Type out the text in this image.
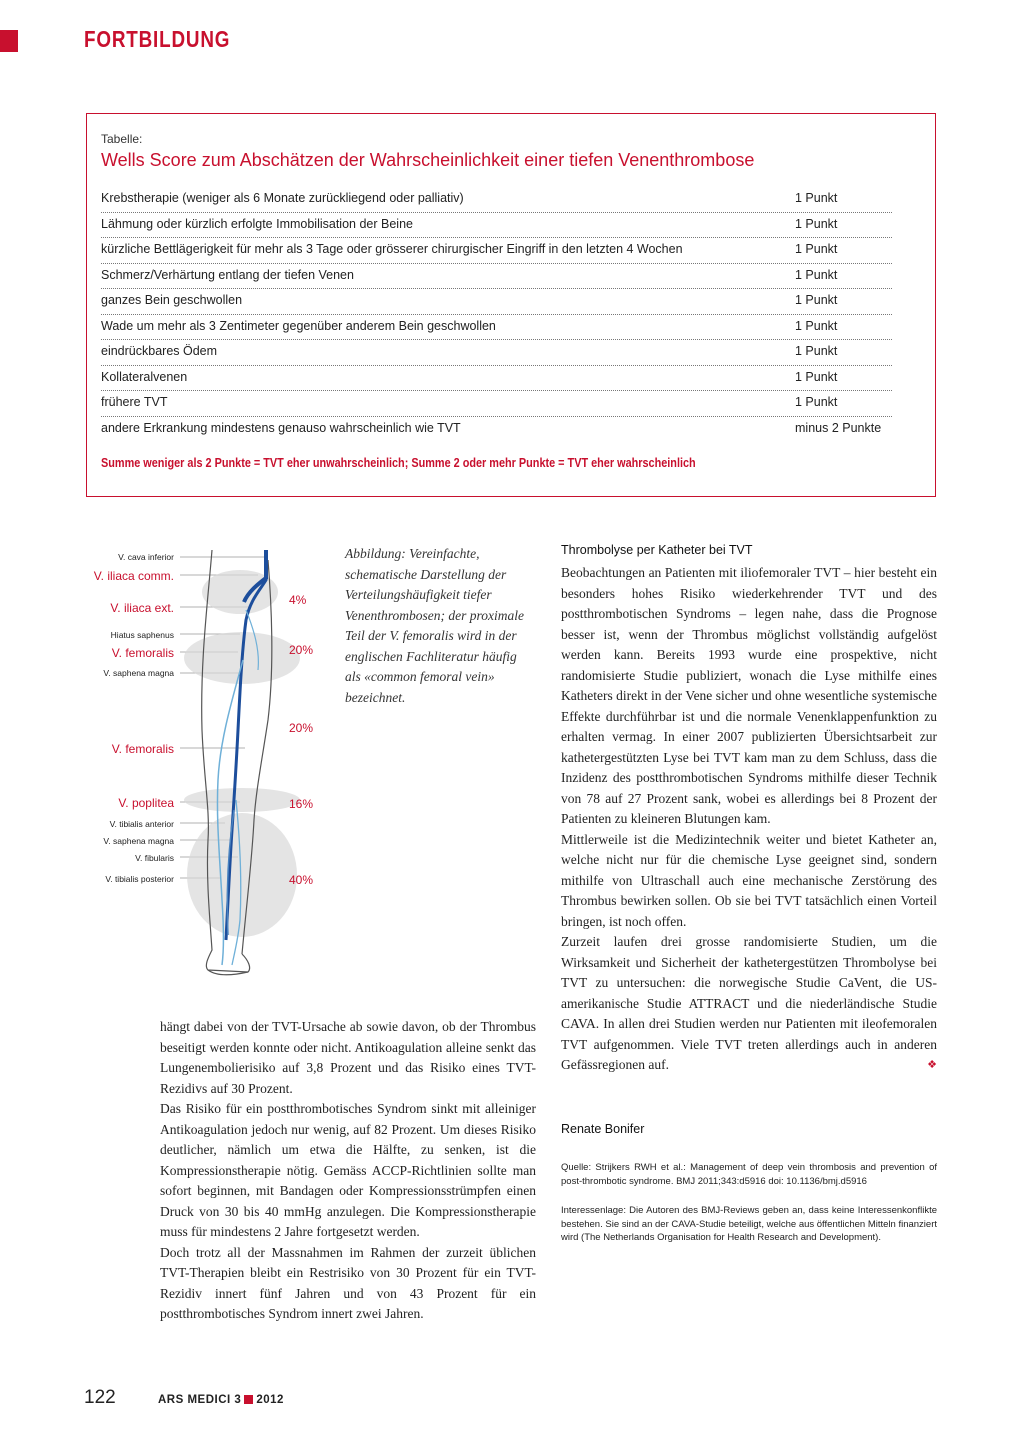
FORTBILDUNG
Tabelle:
Wells Score zum Abschätzen der Wahrscheinlichkeit einer tiefen Venenthrombose
Krebstherapie (weniger als 6 Monate zurückliegend oder palliativ)	1 Punkt
Lähmung oder kürzlich erfolgte Immobilisation der Beine	1 Punkt
kürzliche Bettlägerigkeit für mehr als 3 Tage oder grösserer chirurgischer Eingriff in den letzten 4 Wochen	1 Punkt
Schmerz/Verhärtung entlang der tiefen Venen	1 Punkt
ganzes Bein geschwollen	1 Punkt
Wade um mehr als 3 Zentimeter gegenüber anderem Bein geschwollen	1 Punkt
eindrückbares Ödem	1 Punkt
Kollateralvenen	1 Punkt
frühere TVT	1 Punkt
andere Erkrankung mindestens genauso wahrscheinlich wie TVT	minus 2 Punkte
Summe weniger als 2 Punkte = TVT eher unwahrscheinlich; Summe 2 oder mehr Punkte = TVT eher wahrscheinlich
V. cava inferior
V. iliaca comm.
V. iliaca ext.
Hiatus saphenus
V. femoralis
V. saphena magna
V. femoralis
V. poplitea
V. tibialis anterior
V. saphena magna
V. fibularis
V. tibialis posterior
4%
20%
20%
16%
40%
Abbildung: Vereinfachte, schematische Darstellung der Verteilungshäufigkeit tiefer Venenthrombosen; der proximale Teil der V. femoralis wird in der englischen Fachliteratur häufig als «common femoral vein» bezeichnet.

hängt dabei von der TVT-Ursache ab sowie davon, ob der Thrombus beseitigt werden konnte oder nicht. Antikoagulation alleine senkt das Lungenembolierisiko auf 3,8 Prozent und das Risiko eines TVT-Rezidivs auf 30 Prozent.

Das Risiko für ein postthrombotisches Syndrom sinkt mit alleiniger Antikoagulation jedoch nur wenig, auf 82 Prozent. Um dieses Risiko deutlicher, nämlich um etwa die Hälfte, zu senken, ist die Kompressionstherapie nötig. Gemäss ACCP-Richtlinien sollte man sofort beginnen, mit Bandagen oder Kompressionsstrümpfen einen Druck von 30 bis 40 mmHg anzulegen. Die Kompressionstherapie muss für mindestens 2 Jahre fortgesetzt werden.

Doch trotz all der Massnahmen im Rahmen der zurzeit üblichen TVT-Therapien bleibt ein Restrisiko von 30 Prozent für ein TVT-Rezidiv innert fünf Jahren und von 43 Prozent für ein postthrombotisches Syndrom innert zwei Jahren.

Thrombolyse per Katheter bei TVT

Beobachtungen an Patienten mit iliofemoraler TVT – hier besteht ein besonders hohes Risiko wiederkehrender TVT und des postthrombotischen Syndroms – legen nahe, dass die Prognose besser ist, wenn der Thrombus möglichst vollständig aufgelöst werden kann. Bereits 1993 wurde eine prospektive, nicht randomisierte Studie publiziert, wonach die Lyse mithilfe eines Katheters direkt in der Vene sicher und ohne wesentliche systemische Effekte durchführbar ist und die normale Venenklappenfunktion zu erhalten vermag. In einer 2007 publizierten Übersichtsarbeit zur kathetergestützten Lyse bei TVT kam man zu dem Schluss, dass die Inzidenz des postthrombotischen Syndroms mithilfe dieser Technik von 78 auf 27 Prozent sank, wobei es allerdings bei 8 Prozent der Patienten zu kleineren Blutungen kam.

Mittlerweile ist die Medizintechnik weiter und bietet Katheter an, welche nicht nur für die chemische Lyse geeignet sind, sondern mithilfe von Ultraschall auch eine mechanische Zerstörung des Thrombus bewirken sollen. Ob sie bei TVT tatsächlich einen Vorteil bringen, ist noch offen.

Zurzeit laufen drei grosse randomisierte Studien, um die Wirksamkeit und Sicherheit der kathetergestützen Thrombolyse bei TVT zu untersuchen: die norwegische Studie CaVent, die US-amerikanische Studie ATTRACT und die niederländische Studie CAVA. In allen drei Studien werden nur Patienten mit ileofemoralen TVT aufgenommen. Viele TVT treten allerdings auch in anderen Gefässregionen auf.	❖

Renate Bonifer
Quelle: Strijkers RWH et al.: Management of deep vein thrombosis and prevention of post-thrombotic syndrome. BMJ 2011;343:d5916 doi: 10.1136/bmj.d5916
Interessenlage: Die Autoren des BMJ-Reviews geben an, dass keine Interessenkonflikte bestehen. Sie sind an der CAVA-Studie beteiligt, welche aus öffentlichen Mitteln finanziert wird (The Netherlands Organisation for Health Research and Development).
122	ARS MEDICI 3 2012
